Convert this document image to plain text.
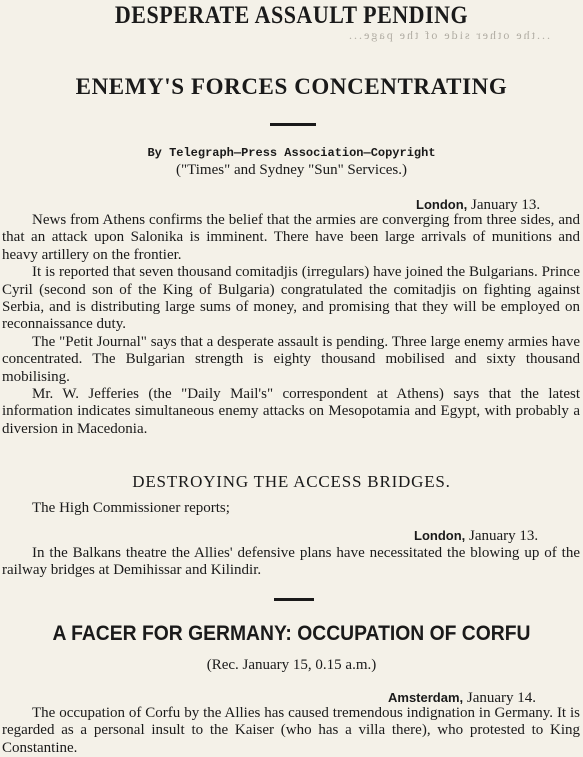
DESPERATE ASSAULT PENDING
...the other side of the page...
ENEMY'S FORCES CONCENTRATING
By Telegraph—Press Association—Copyright
("Times" and Sydney "Sun" Services.)
London, January 13.

News from Athens confirms the belief that the armies are converging from three sides, and that an attack upon Salonika is imminent. There have been large arrivals of munitions and heavy artillery on the frontier.

It is reported that seven thousand comitadjis (irregulars) have joined the Bulgarians. Prince Cyril (second son of the King of Bulgaria) congratulated the comitadjis on fighting against Serbia, and is distributing large sums of money, and promising that they will be employed on reconnaissance duty.

The "Petit Journal" says that a desperate assault is pending. Three large enemy armies have concentrated. The Bulgarian strength is eighty thousand mobilised and sixty thousand mobilising.

Mr. W. Jefferies (the "Daily Mail's" correspondent at Athens) says that the latest information indicates simultaneous enemy attacks on Mesopotamia and Egypt, with probably a diversion in Macedonia.

DESTROYING THE ACCESS BRIDGES.
The High Commissioner reports;
London, January 13.

In the Balkans theatre the Allies' defensive plans have necessitated the blowing up of the railway bridges at Demihissar and Kilindir.

A FACER FOR GERMANY: OCCUPATION OF CORFU
(Rec. January 15, 0.15 a.m.)
Amsterdam, January 14.

The occupation of Corfu by the Allies has caused tremendous indignation in Germany. It is regarded as a personal insult to the Kaiser (who has a villa there), who protested to King Constantine.
